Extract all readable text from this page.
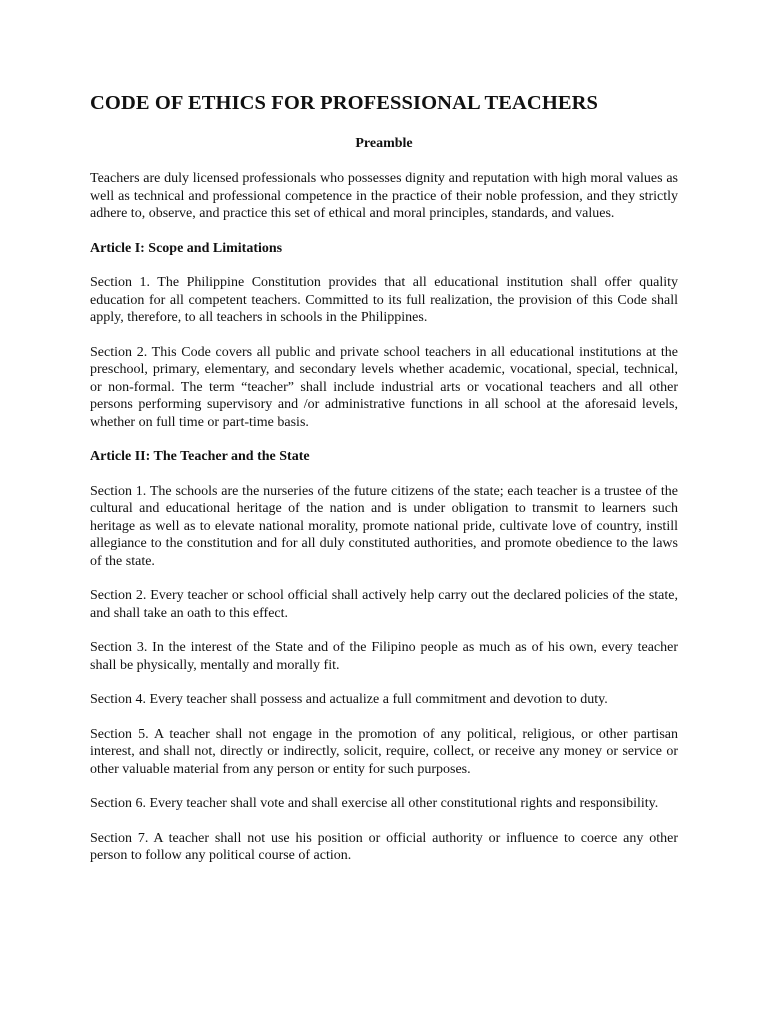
CODE OF ETHICS FOR PROFESSIONAL TEACHERS
Preamble

Teachers are duly licensed professionals who possesses dignity and reputation with high moral values as well as technical and professional competence in the practice of their noble profession, and they strictly adhere to, observe, and practice this set of ethical and moral principles, standards, and values.

Article I: Scope and Limitations

Section 1. The Philippine Constitution provides that all educational institution shall offer quality education for all competent teachers. Committed to its full realization, the provision of this Code shall apply, therefore, to all teachers in schools in the Philippines.

Section 2. This Code covers all public and private school teachers in all educational institutions at the preschool, primary, elementary, and secondary levels whether academic, vocational, special, technical, or non-formal. The term “teacher” shall include industrial arts or vocational teachers and all other persons performing supervisory and /or administrative functions in all school at the aforesaid levels, whether on full time or part-time basis.

Article II: The Teacher and the State

Section 1. The schools are the nurseries of the future citizens of the state; each teacher is a trustee of the cultural and educational heritage of the nation and is under obligation to transmit to learners such heritage as well as to elevate national morality, promote national pride, cultivate love of country, instill allegiance to the constitution and for all duly constituted authorities, and promote obedience to the laws of the state.

Section 2. Every teacher or school official shall actively help carry out the declared policies of the state, and shall take an oath to this effect.

Section 3. In the interest of the State and of the Filipino people as much as of his own, every teacher shall be physically, mentally and morally fit.

Section 4. Every teacher shall possess and actualize a full commitment and devotion to duty.

Section 5. A teacher shall not engage in the promotion of any political, religious, or other partisan interest, and shall not, directly or indirectly, solicit, require, collect, or receive any money or service or other valuable material from any person or entity for such purposes.

Section 6. Every teacher shall vote and shall exercise all other constitutional rights and responsibility.

Section 7. A teacher shall not use his position or official authority or influence to coerce any other person to follow any political course of action.
